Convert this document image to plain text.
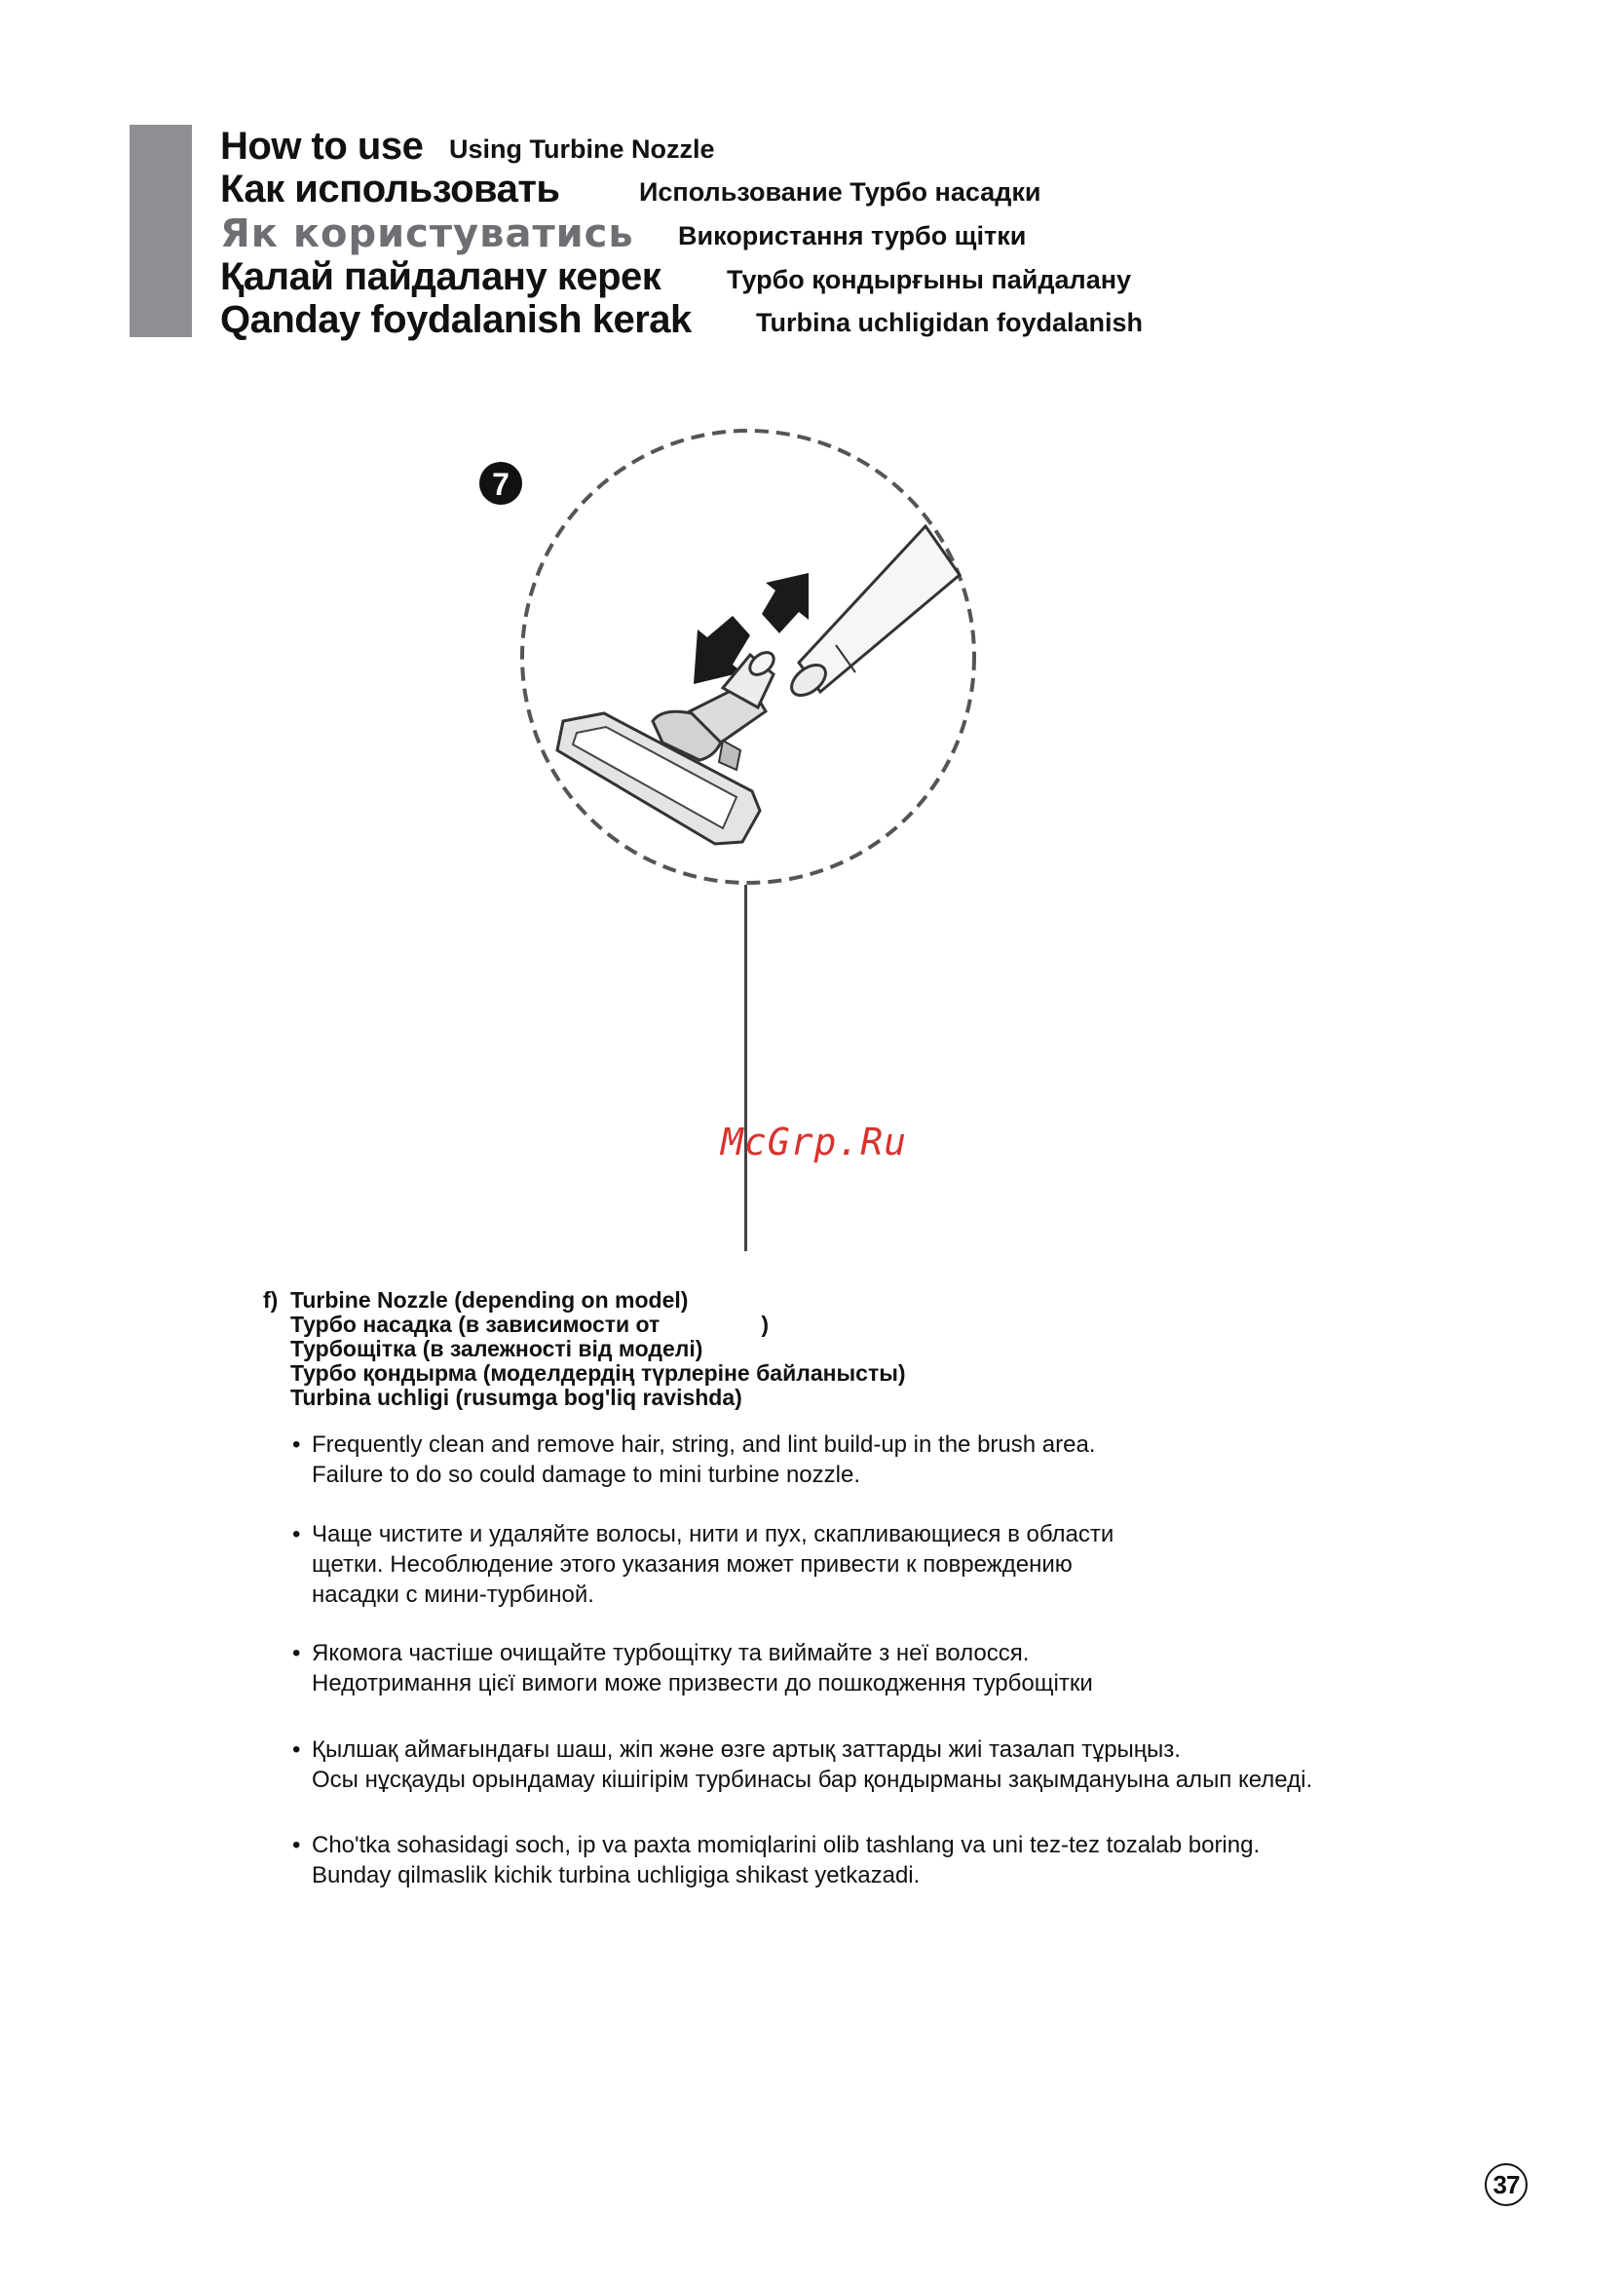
How to use Using Turbine Nozzle
Как использовать	Использование Турбо насадки
Як користуватись Використання турбо щітки
Қалай пайдалану керек	Турбо қондырғыны пайдалану
Qanday foydalanish kerak Turbina uchligidan foydalanish
7
McGrp.Ru
f) Turbine Nozzle (depending on model)
Турбо насадка (в зависимости от	)
Турбощітка (в залежності від моделі)
Турбо қондырма (моделдердің түрлеріне байланысты)
Turbina uchligi (rusumga bog'liq ravishda)
• Frequently clean and remove hair, string, and lint build-up in the brush area.
Failure to do so could damage to mini turbine nozzle.
• Чаще чистите и удаляйте волосы, нити и пух, скапливающиеся в области
щетки. Несоблюдение этого указания может привести к повреждению
насадки с мини-турбиной.
• Якомога частіше очищайте турбощітку та виймайте з неї волосся.
Недотримання цієї вимоги може призвести до пошкодження турбощітки
• Қылшақ аймағындағы шаш, жіп және өзге артық заттарды жиі тазалап тұрыңыз.
Осы нұсқауды орындамау кішігірім турбинасы бар қондырманы зақымдануына алып келеді.
• Cho'tka sohasidagi soch, ip va paxta momiqlarini olib tashlang va uni tez-tez tozalab boring.
Bunday qilmaslik kichik turbina uchligiga shikast yetkazadi.
37
